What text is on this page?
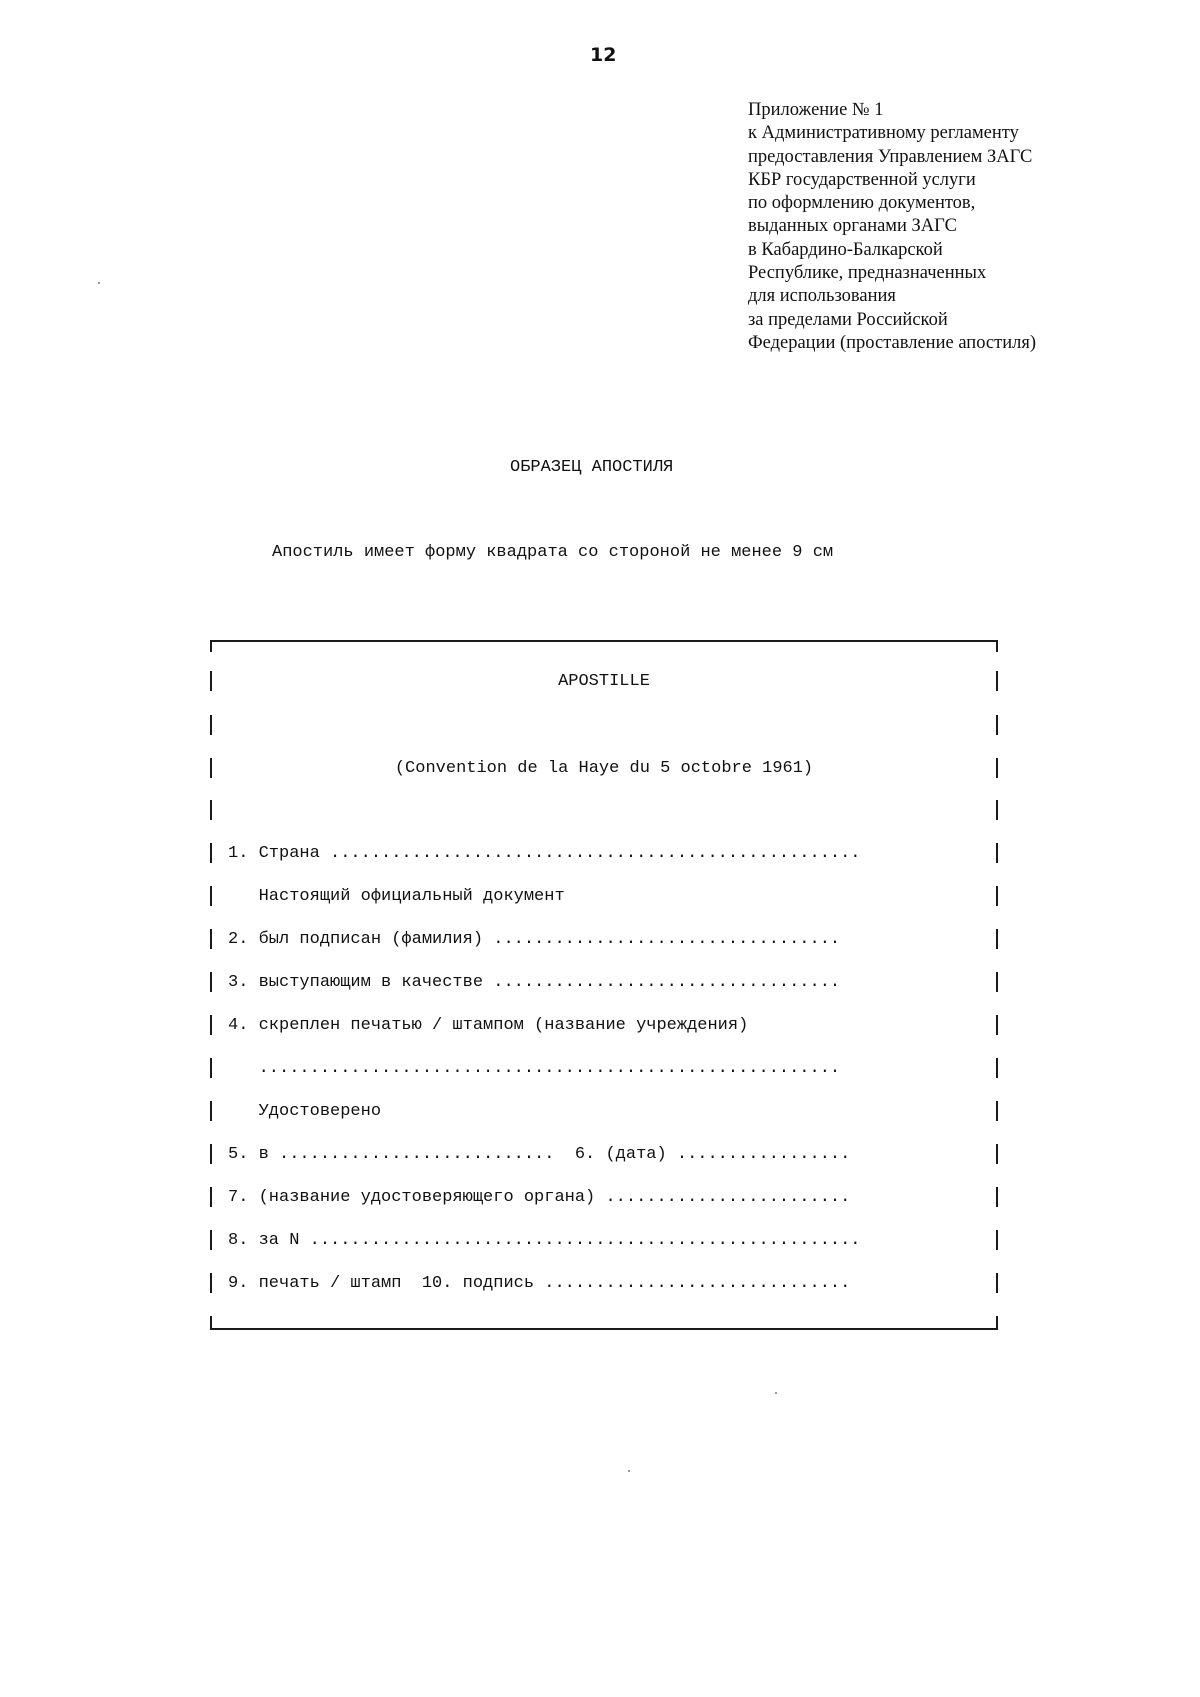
12
Приложение № 1
к Административному регламенту
предоставления Управлением ЗАГС
КБР государственной услуги
по оформлению документов,
выданных органами ЗАГС
в Кабардино-Балкарской
Республике, предназначенных
для использования
за пределами Российской
Федерации (проставление апостиля)
ОБРАЗЕЦ АПОСТИЛЯ
Апостиль имеет форму квадрата со стороной не менее 9 см
APOSTILLE
(Convention de la Haye du 5 octobre 1961)
1. Страна ....................................................
Настоящий официальный документ
2. был подписан (фамилия) ..................................
3. выступающим в качестве ..................................
4. скреплен печатью / штампом (название учреждения)
.........................................................
Удостоверено
5. в ...........................  6. (дата) .................
7. (название удостоверяющего органа) ........................
8. за N ......................................................
9. печать / штамп  10. подпись ..............................
